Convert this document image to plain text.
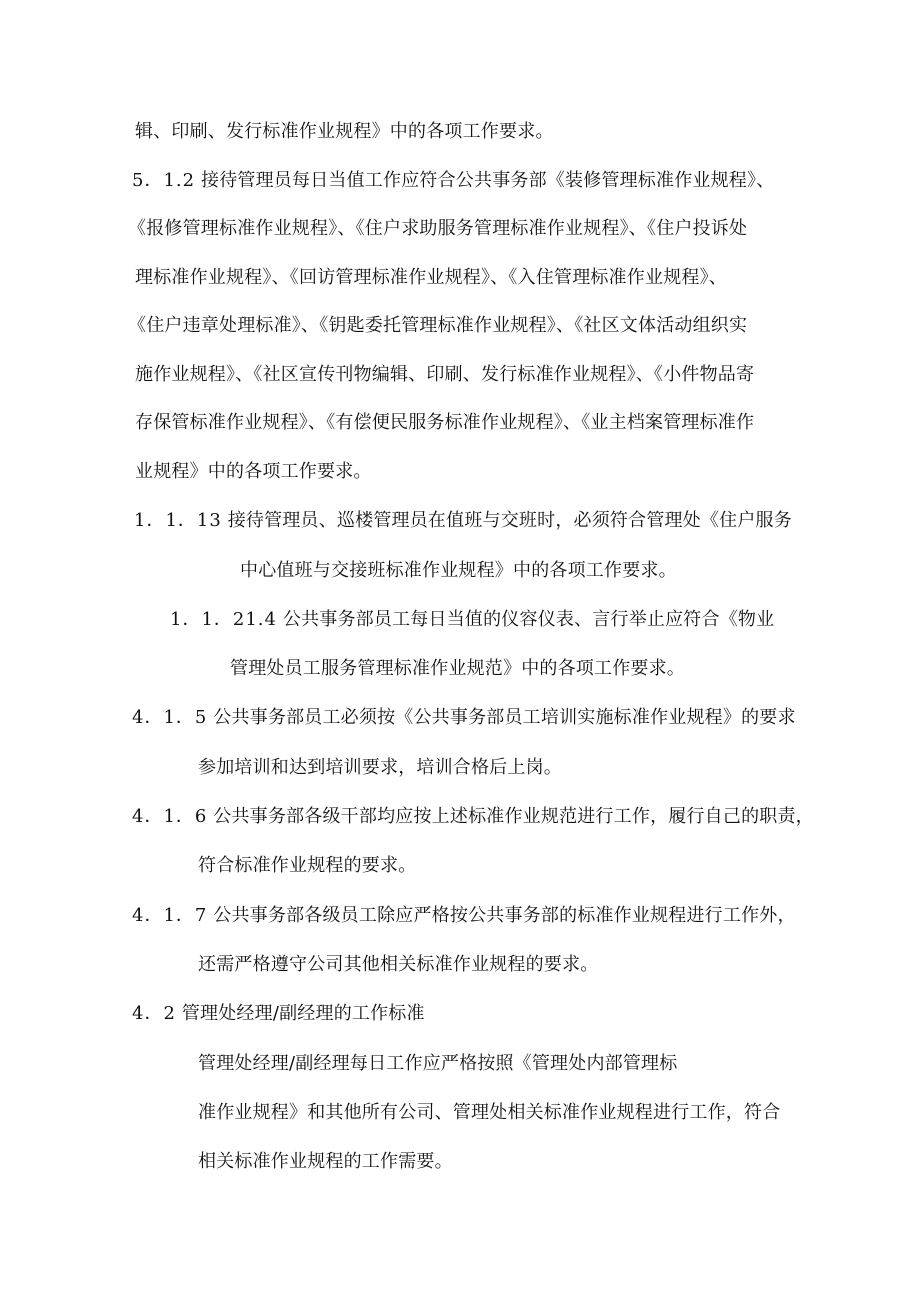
辑、印刷、发行标准作业规程》中的各项工作要求。
5．1.2 接待管理员每日当值工作应符合公共事务部《装修管理标准作业规程》、
《报修管理标准作业规程》、《住户求助服务管理标准作业规程》、《住户投诉处
理标准作业规程》、《回访管理标准作业规程》、《入住管理标准作业规程》、
《住户违章处理标准》、《钥匙委托管理标准作业规程》、《社区文体活动组织实
施作业规程》、《社区宣传刊物编辑、印刷、发行标准作业规程》、《小件物品寄
存保管标准作业规程》、《有偿便民服务标准作业规程》、《业主档案管理标准作
业规程》中的各项工作要求。
1．1．13 接待管理员、巡楼管理员在值班与交班时，必须符合管理处《住户服务
中心值班与交接班标准作业规程》中的各项工作要求。
1．1．21.4 公共事务部员工每日当值的仪容仪表、言行举止应符合《物业
管理处员工服务管理标准作业规范》中的各项工作要求。
4．1．5 公共事务部员工必须按《公共事务部员工培训实施标准作业规程》的要求
参加培训和达到培训要求，培训合格后上岗。
4．1．6 公共事务部各级干部均应按上述标准作业规范进行工作，履行自己的职责，
符合标准作业规程的要求。
4．1．7 公共事务部各级员工除应严格按公共事务部的标准作业规程进行工作外，
还需严格遵守公司其他相关标准作业规程的要求。
4．2 管理处经理/副经理的工作标准
管理处经理/副经理每日工作应严格按照《管理处内部管理标
准作业规程》和其他所有公司、管理处相关标准作业规程进行工作，符合
相关标准作业规程的工作需要。
